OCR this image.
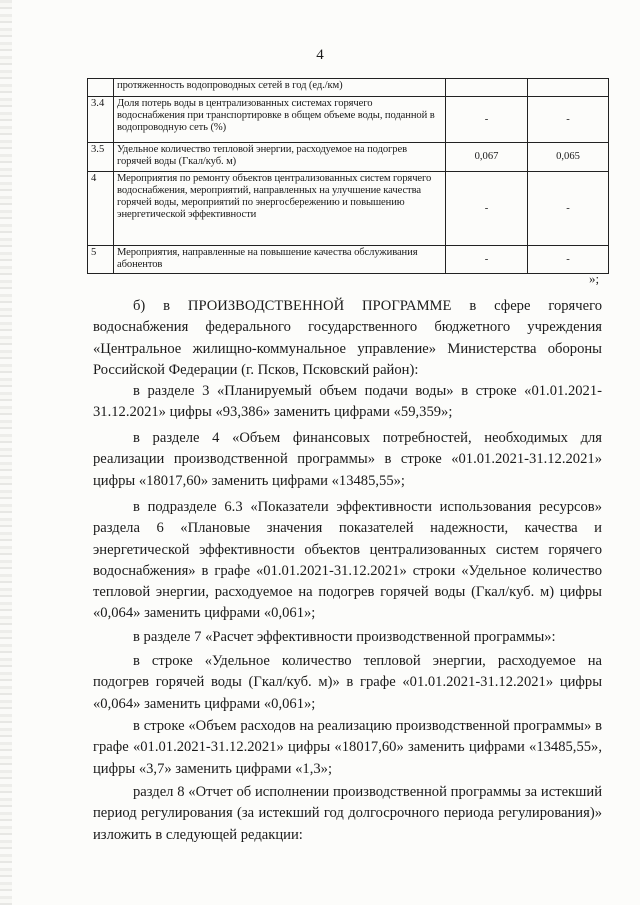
4
	протяженность водопроводных сетей в год (ед./км)		
3.4	Доля потерь воды в централизованных системах горячего водоснабжения при транспортировке в общем объеме воды, поданной в водопроводную сеть (%)	-	-
3.5	Удельное количество тепловой энергии, расходуемое на подогрев горячей воды (Гкал/куб. м)	0,067	0,065
4	Мероприятия по ремонту объектов централизованных систем горячего водоснабжения, мероприятий, направленных на улучшение качества горячей воды, мероприятий по энергосбережению и повышению энергетической эффективности	-	-
5	Мероприятия, направленные на повышение качества обслуживания абонентов	-	-
»;
б) в ПРОИЗВОДСТВЕННОЙ ПРОГРАММЕ в сфере горячего водоснабжения федерального государственного бюджетного учреждения «Центральное жилищно-коммунальное управление» Министерства обороны Российской Федерации (г. Псков, Псковский район):
в разделе 3 «Планируемый объем подачи воды» в строке «01.01.2021-31.12.2021» цифры «93,386» заменить цифрами «59,359»;
в разделе 4 «Объем финансовых потребностей, необходимых для реализации производственной программы» в строке «01.01.2021-31.12.2021» цифры «18017,60» заменить цифрами «13485,55»;
в подразделе 6.3 «Показатели эффективности использования ресурсов» раздела 6 «Плановые значения показателей надежности, качества и энергетической эффективности объектов централизованных систем горячего водоснабжения» в графе «01.01.2021-31.12.2021» строки «Удельное количество тепловой энергии, расходуемое на подогрев горячей воды (Гкал/куб. м) цифры «0,064» заменить цифрами «0,061»;
в разделе 7 «Расчет эффективности производственной программы»:
в строке «Удельное количество тепловой энергии, расходуемое на подогрев горячей воды (Гкал/куб. м)» в графе «01.01.2021-31.12.2021» цифры «0,064» заменить цифрами «0,061»;
в строке «Объем расходов на реализацию производственной программы» в графе «01.01.2021-31.12.2021» цифры «18017,60» заменить цифрами «13485,55», цифры «3,7» заменить цифрами «1,3»;
раздел 8 «Отчет об исполнении производственной программы за истекший период регулирования (за истекший год долгосрочного периода регулирования)» изложить в следующей редакции:
